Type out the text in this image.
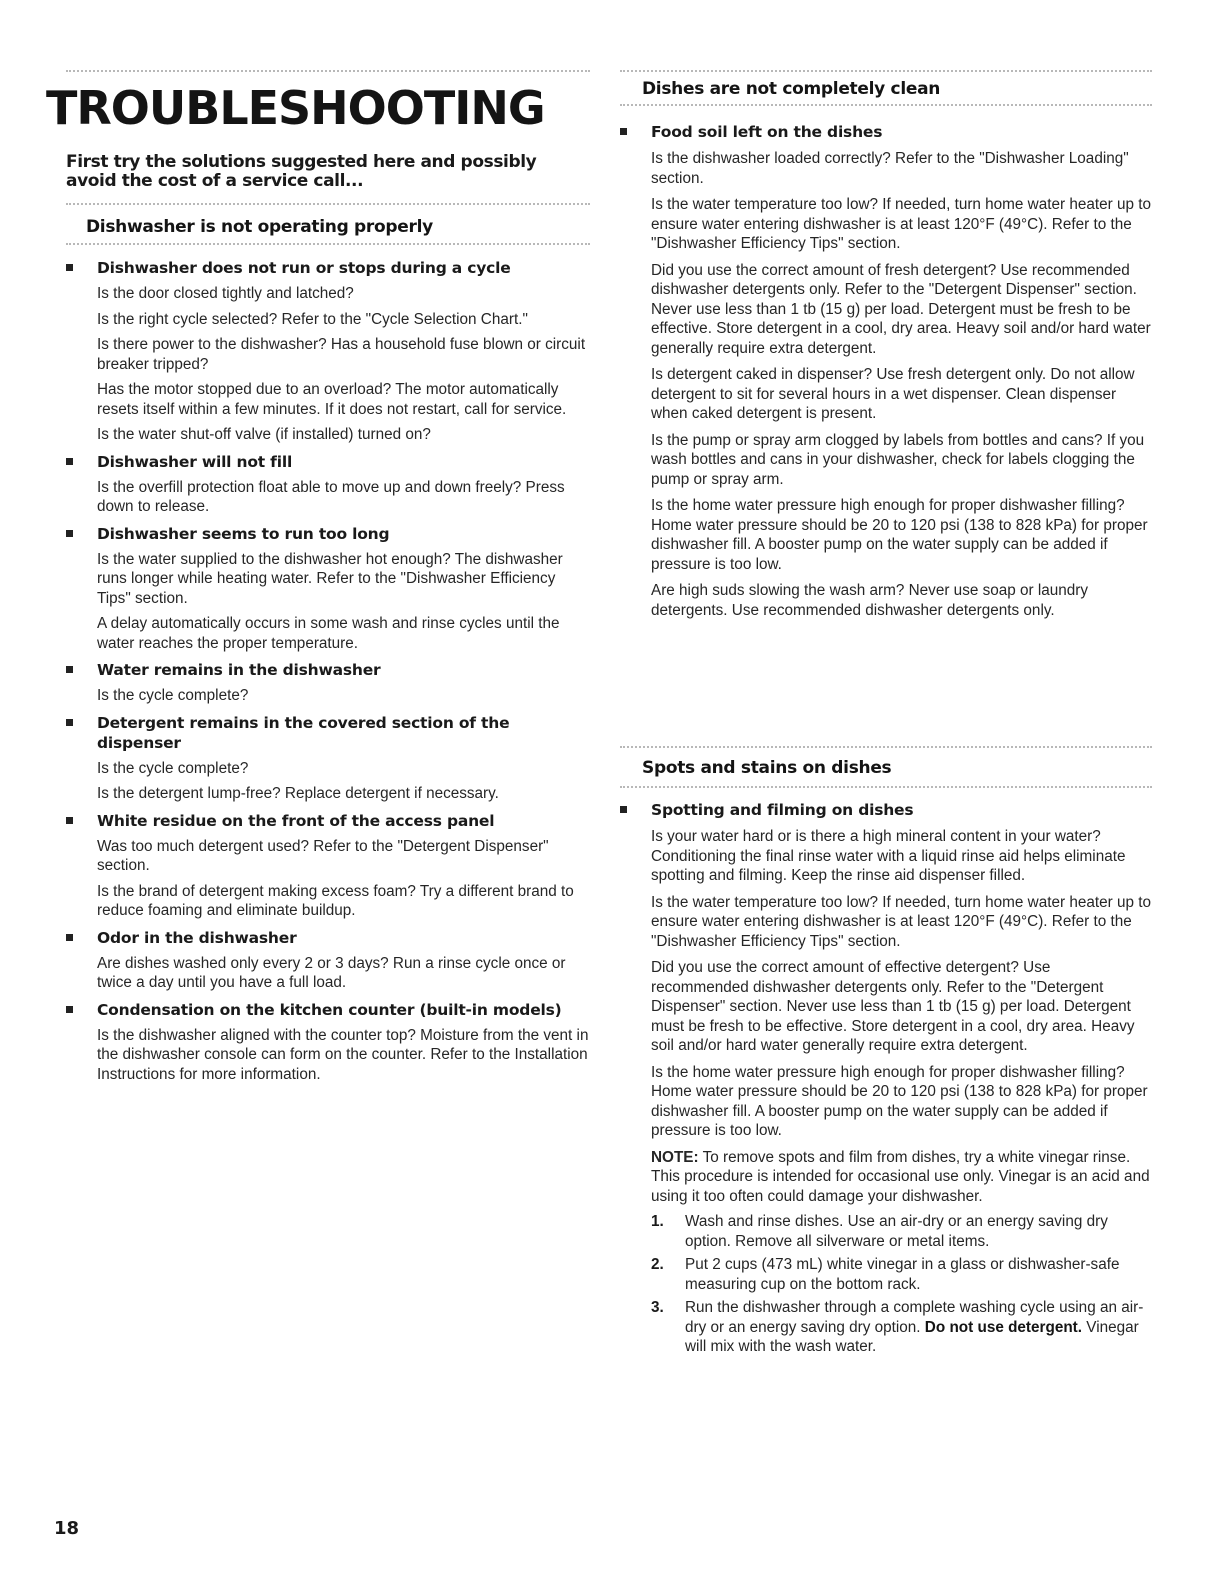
TROUBLESHOOTING

First try the solutions suggested here and possibly avoid the cost of a service call...

Dishwasher is not operating properly

Dishwasher does not run or stops during a cycle

Is the door closed tightly and latched?

Is the right cycle selected? Refer to the "Cycle Selection Chart."

Is there power to the dishwasher? Has a household fuse blown or circuit breaker tripped?

Has the motor stopped due to an overload? The motor automatically resets itself within a few minutes. If it does not restart, call for service.

Is the water shut-off valve (if installed) turned on?

Dishwasher will not fill

Is the overfill protection float able to move up and down freely? Press down to release.

Dishwasher seems to run too long

Is the water supplied to the dishwasher hot enough? The dishwasher runs longer while heating water. Refer to the "Dishwasher Efficiency Tips" section.

A delay automatically occurs in some wash and rinse cycles until the water reaches the proper temperature.

Water remains in the dishwasher

Is the cycle complete?

Detergent remains in the covered section of the dispenser

Is the cycle complete?

Is the detergent lump-free? Replace detergent if necessary.

White residue on the front of the access panel

Was too much detergent used? Refer to the "Detergent Dispenser" section.

Is the brand of detergent making excess foam? Try a different brand to reduce foaming and eliminate buildup.

Odor in the dishwasher

Are dishes washed only every 2 or 3 days? Run a rinse cycle once or twice a day until you have a full load.

Condensation on the kitchen counter (built-in models)

Is the dishwasher aligned with the counter top? Moisture from the vent in the dishwasher console can form on the counter. Refer to the Installation Instructions for more information.

18

Dishes are not completely clean

Food soil left on the dishes

Is the dishwasher loaded correctly? Refer to the "Dishwasher Loading" section.

Is the water temperature too low? If needed, turn home water heater up to ensure water entering dishwasher is at least 120°F (49°C). Refer to the "Dishwasher Efficiency Tips" section.

Did you use the correct amount of fresh detergent? Use recommended dishwasher detergents only. Refer to the "Detergent Dispenser" section. Never use less than 1 tb (15 g) per load. Detergent must be fresh to be effective. Store detergent in a cool, dry area. Heavy soil and/or hard water generally require extra detergent.

Is detergent caked in dispenser? Use fresh detergent only. Do not allow detergent to sit for several hours in a wet dispenser. Clean dispenser when caked detergent is present.

Is the pump or spray arm clogged by labels from bottles and cans? If you wash bottles and cans in your dishwasher, check for labels clogging the pump or spray arm.

Is the home water pressure high enough for proper dishwasher filling? Home water pressure should be 20 to 120 psi (138 to 828 kPa) for proper dishwasher fill. A booster pump on the water supply can be added if pressure is too low.

Are high suds slowing the wash arm? Never use soap or laundry detergents. Use recommended dishwasher detergents only.

Spots and stains on dishes

Spotting and filming on dishes

Is your water hard or is there a high mineral content in your water? Conditioning the final rinse water with a liquid rinse aid helps eliminate spotting and filming. Keep the rinse aid dispenser filled.

Is the water temperature too low? If needed, turn home water heater up to ensure water entering dishwasher is at least 120°F (49°C). Refer to the "Dishwasher Efficiency Tips" section.

Did you use the correct amount of effective detergent? Use recommended dishwasher detergents only. Refer to the "Detergent Dispenser" section. Never use less than 1 tb (15 g) per load. Detergent must be fresh to be effective. Store detergent in a cool, dry area. Heavy soil and/or hard water generally require extra detergent.

Is the home water pressure high enough for proper dishwasher filling? Home water pressure should be 20 to 120 psi (138 to 828 kPa) for proper dishwasher fill. A booster pump on the water supply can be added if pressure is too low.

NOTE: To remove spots and film from dishes, try a white vinegar rinse. This procedure is intended for occasional use only. Vinegar is an acid and using it too often could damage your dishwasher.

1. Wash and rinse dishes. Use an air-dry or an energy saving dry option. Remove all silverware or metal items.
2. Put 2 cups (473 mL) white vinegar in a glass or dishwasher-safe measuring cup on the bottom rack.
3. Run the dishwasher through a complete washing cycle using an air-dry or an energy saving dry option. Do not use detergent. Vinegar will mix with the wash water.
